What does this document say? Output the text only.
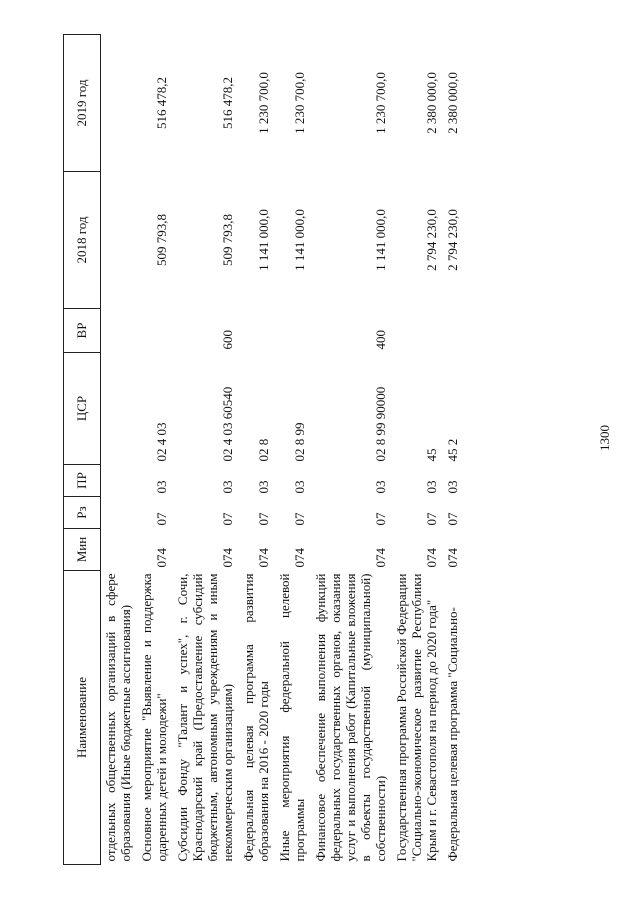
1300
Наименование	Мин	Рз	ПР	ЦСР	ВР	2018 год	2019 год
отдельных общественных организаций в сфере образования (Иные бюджетные ассигнования)							
Основное мероприятие "Выявление и поддержка одаренных детей и молодежи"	074	07	03	02 4 03		509 793,8	516 478,2
Субсидии Фонду "Талант и успех", г. Сочи, Краснодарский край (Предоставление субсидий бюджетным, автономным учреждениям и иным некоммерческим организациям)	074	07	03	02 4 03 60540	600	509 793,8	516 478,2
Федеральная целевая программа развития образования на 2016 - 2020 годы	074	07	03	02 8		1 141 000,0	1 230 700,0
Иные мероприятия федеральной целевой программы	074	07	03	02 8 99		1 141 000,0	1 230 700,0
Финансовое обеспечение выполнения функций федеральных государственных органов, оказания услуг и выполнения работ (Капитальные вложения в объекты государственной (муниципальной) собственности)	074	07	03	02 8 99 90000	400	1 141 000,0	1 230 700,0
Государственная программа Российской Федерации "Социально-экономическое развитие Республики Крым и г. Севастополя на период до 2020 года"	074	07	03	45		2 794 230,0	2 380 000,0
Федеральная целевая программа "Социально-	074	07	03	45 2		2 794 230,0	2 380 000,0
